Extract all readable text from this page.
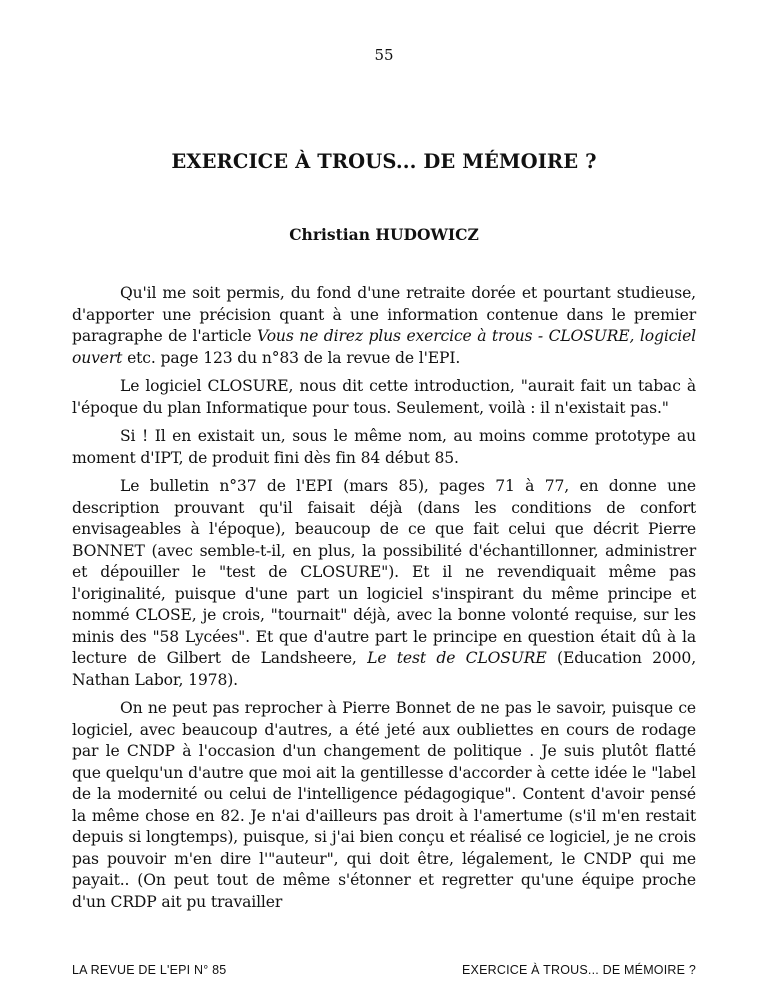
55
EXERCICE À TROUS... DE MÉMOIRE ?
Christian HUDOWICZ

Qu'il me soit permis, du fond d'une retraite dorée et pourtant studieuse, d'apporter une précision quant à une information contenue dans le premier paragraphe de l'article Vous ne direz plus exercice à trous - CLOSURE, logiciel ouvert etc. page 123 du n°83 de la revue de l'EPI.

Le logiciel CLOSURE, nous dit cette introduction, "aurait fait un tabac à l'époque du plan Informatique pour tous. Seulement, voilà : il n'existait pas."

Si ! Il en existait un, sous le même nom, au moins comme prototype au moment d'IPT, de produit fini dès fin 84 début 85.

Le bulletin n°37 de l'EPI (mars 85), pages 71 à 77, en donne une description prouvant qu'il faisait déjà (dans les conditions de confort envisageables à l'époque), beaucoup de ce que fait celui que décrit Pierre BONNET (avec semble-t-il, en plus, la possibilité d'échantillonner, administrer et dépouiller le "test de CLOSURE"). Et il ne revendiquait même pas l'originalité, puisque d'une part un logiciel s'inspirant du même principe et nommé CLOSE, je crois, "tournait" déjà, avec la bonne volonté requise, sur les minis des "58 Lycées". Et que d'autre part le principe en question était dû à la lecture de Gilbert de Landsheere, Le test de CLOSURE (Education 2000, Nathan Labor, 1978).

On ne peut pas reprocher à Pierre Bonnet de ne pas le savoir, puisque ce logiciel, avec beaucoup d'autres, a été jeté aux oubliettes en cours de rodage par le CNDP à l'occasion d'un changement de politique . Je suis plutôt flatté que quelqu'un d'autre que moi ait la gentillesse d'accorder à cette idée le "label de la modernité ou celui de l'intelligence pédagogique". Content d'avoir pensé la même chose en 82. Je n'ai d'ailleurs pas droit à l'amertume (s'il m'en restait depuis si longtemps), puisque, si j'ai bien conçu et réalisé ce logiciel, je ne crois pas pouvoir m'en dire l'"auteur", qui doit être, légalement, le CNDP qui me payait.. (On peut tout de même s'étonner et regretter qu'une équipe proche d'un CRDP ait pu travailler

LA REVUE DE L'EPI N° 85	EXERCICE À TROUS... DE MÉMOIRE ?
